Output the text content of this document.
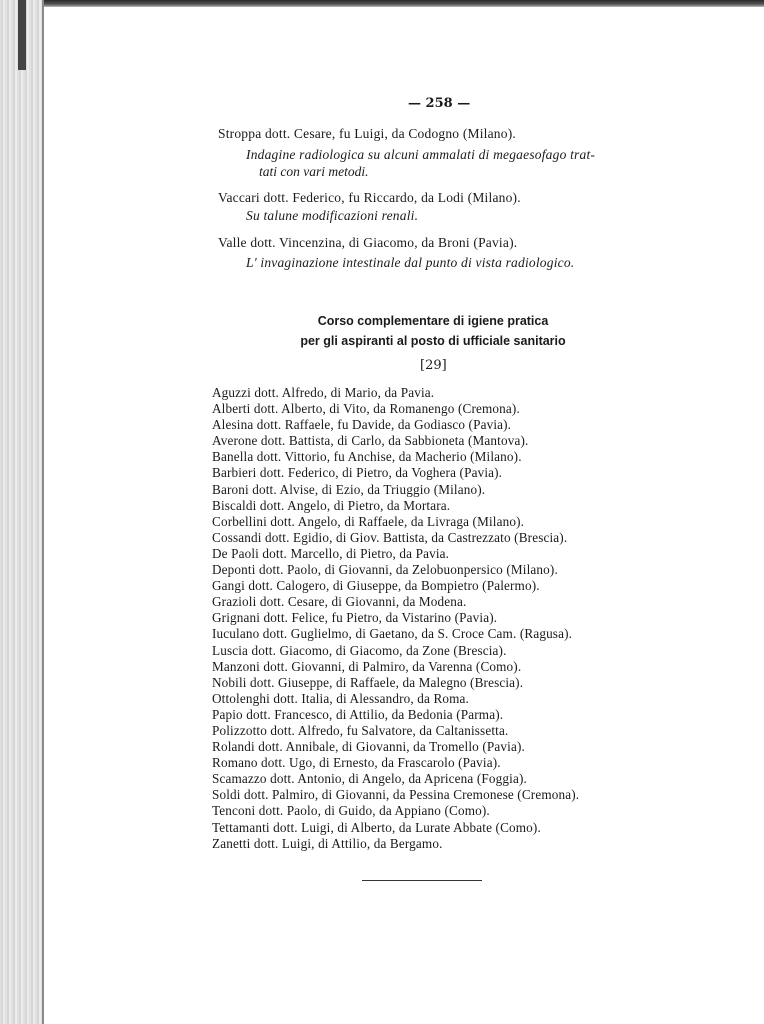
— 258 —
Stroppa dott. Cesare, fu Luigi, da Codogno (Milano).
Indagine radiologica su alcuni ammalati di megaesofago trat-
tati con vari metodi.
Vaccari dott. Federico, fu Riccardo, da Lodi (Milano).
Su talune modificazioni renali.
Valle dott. Vincenzina, di Giacomo, da Broni (Pavia).
L' invaginazione intestinale dal punto di vista radiologico.
Corso complementare di igiene pratica
per gli aspiranti al posto di ufficiale sanitario
[29]
Aguzzi dott. Alfredo, di Mario, da Pavia.
Alberti dott. Alberto, di Vito, da Romanengo (Cremona).
Alesina dott. Raffaele, fu Davide, da Godiasco (Pavia).
Averone dott. Battista, di Carlo, da Sabbioneta (Mantova).
Banella dott. Vittorio, fu Anchise, da Macherio (Milano).
Barbieri dott. Federico, di Pietro, da Voghera (Pavia).
Baroni dott. Alvise, di Ezio, da Triuggio (Milano).
Biscaldi dott. Angelo, di Pietro, da Mortara.
Corbellini dott. Angelo, di Raffaele, da Livraga (Milano).
Cossandi dott. Egidio, di Giov. Battista, da Castrezzato (Brescia).
De Paoli dott. Marcello, di Pietro, da Pavia.
Deponti dott. Paolo, di Giovanni, da Zelobuonpersico (Milano).
Gangi dott. Calogero, di Giuseppe, da Bompietro (Palermo).
Grazioli dott. Cesare, di Giovanni, da Modena.
Grignani dott. Felice, fu Pietro, da Vistarino (Pavia).
Iuculano dott. Guglielmo, di Gaetano, da S. Croce Cam. (Ragusa).
Luscia dott. Giacomo, di Giacomo, da Zone (Brescia).
Manzoni dott. Giovanni, di Palmiro, da Varenna (Como).
Nobili dott. Giuseppe, di Raffaele, da Malegno (Brescia).
Ottolenghi dott. Italia, di Alessandro, da Roma.
Papio dott. Francesco, di Attilio, da Bedonia (Parma).
Polizzotto dott. Alfredo, fu Salvatore, da Caltanissetta.
Rolandi dott. Annibale, di Giovanni, da Tromello (Pavia).
Romano dott. Ugo, di Ernesto, da Frascarolo (Pavia).
Scamazzo dott. Antonio, di Angelo, da Apricena (Foggia).
Soldi dott. Palmiro, di Giovanni, da Pessina Cremonese (Cremona).
Tenconi dott. Paolo, di Guido, da Appiano (Como).
Tettamanti dott. Luigi, di Alberto, da Lurate Abbate (Como).
Zanetti dott. Luigi, di Attilio, da Bergamo.
